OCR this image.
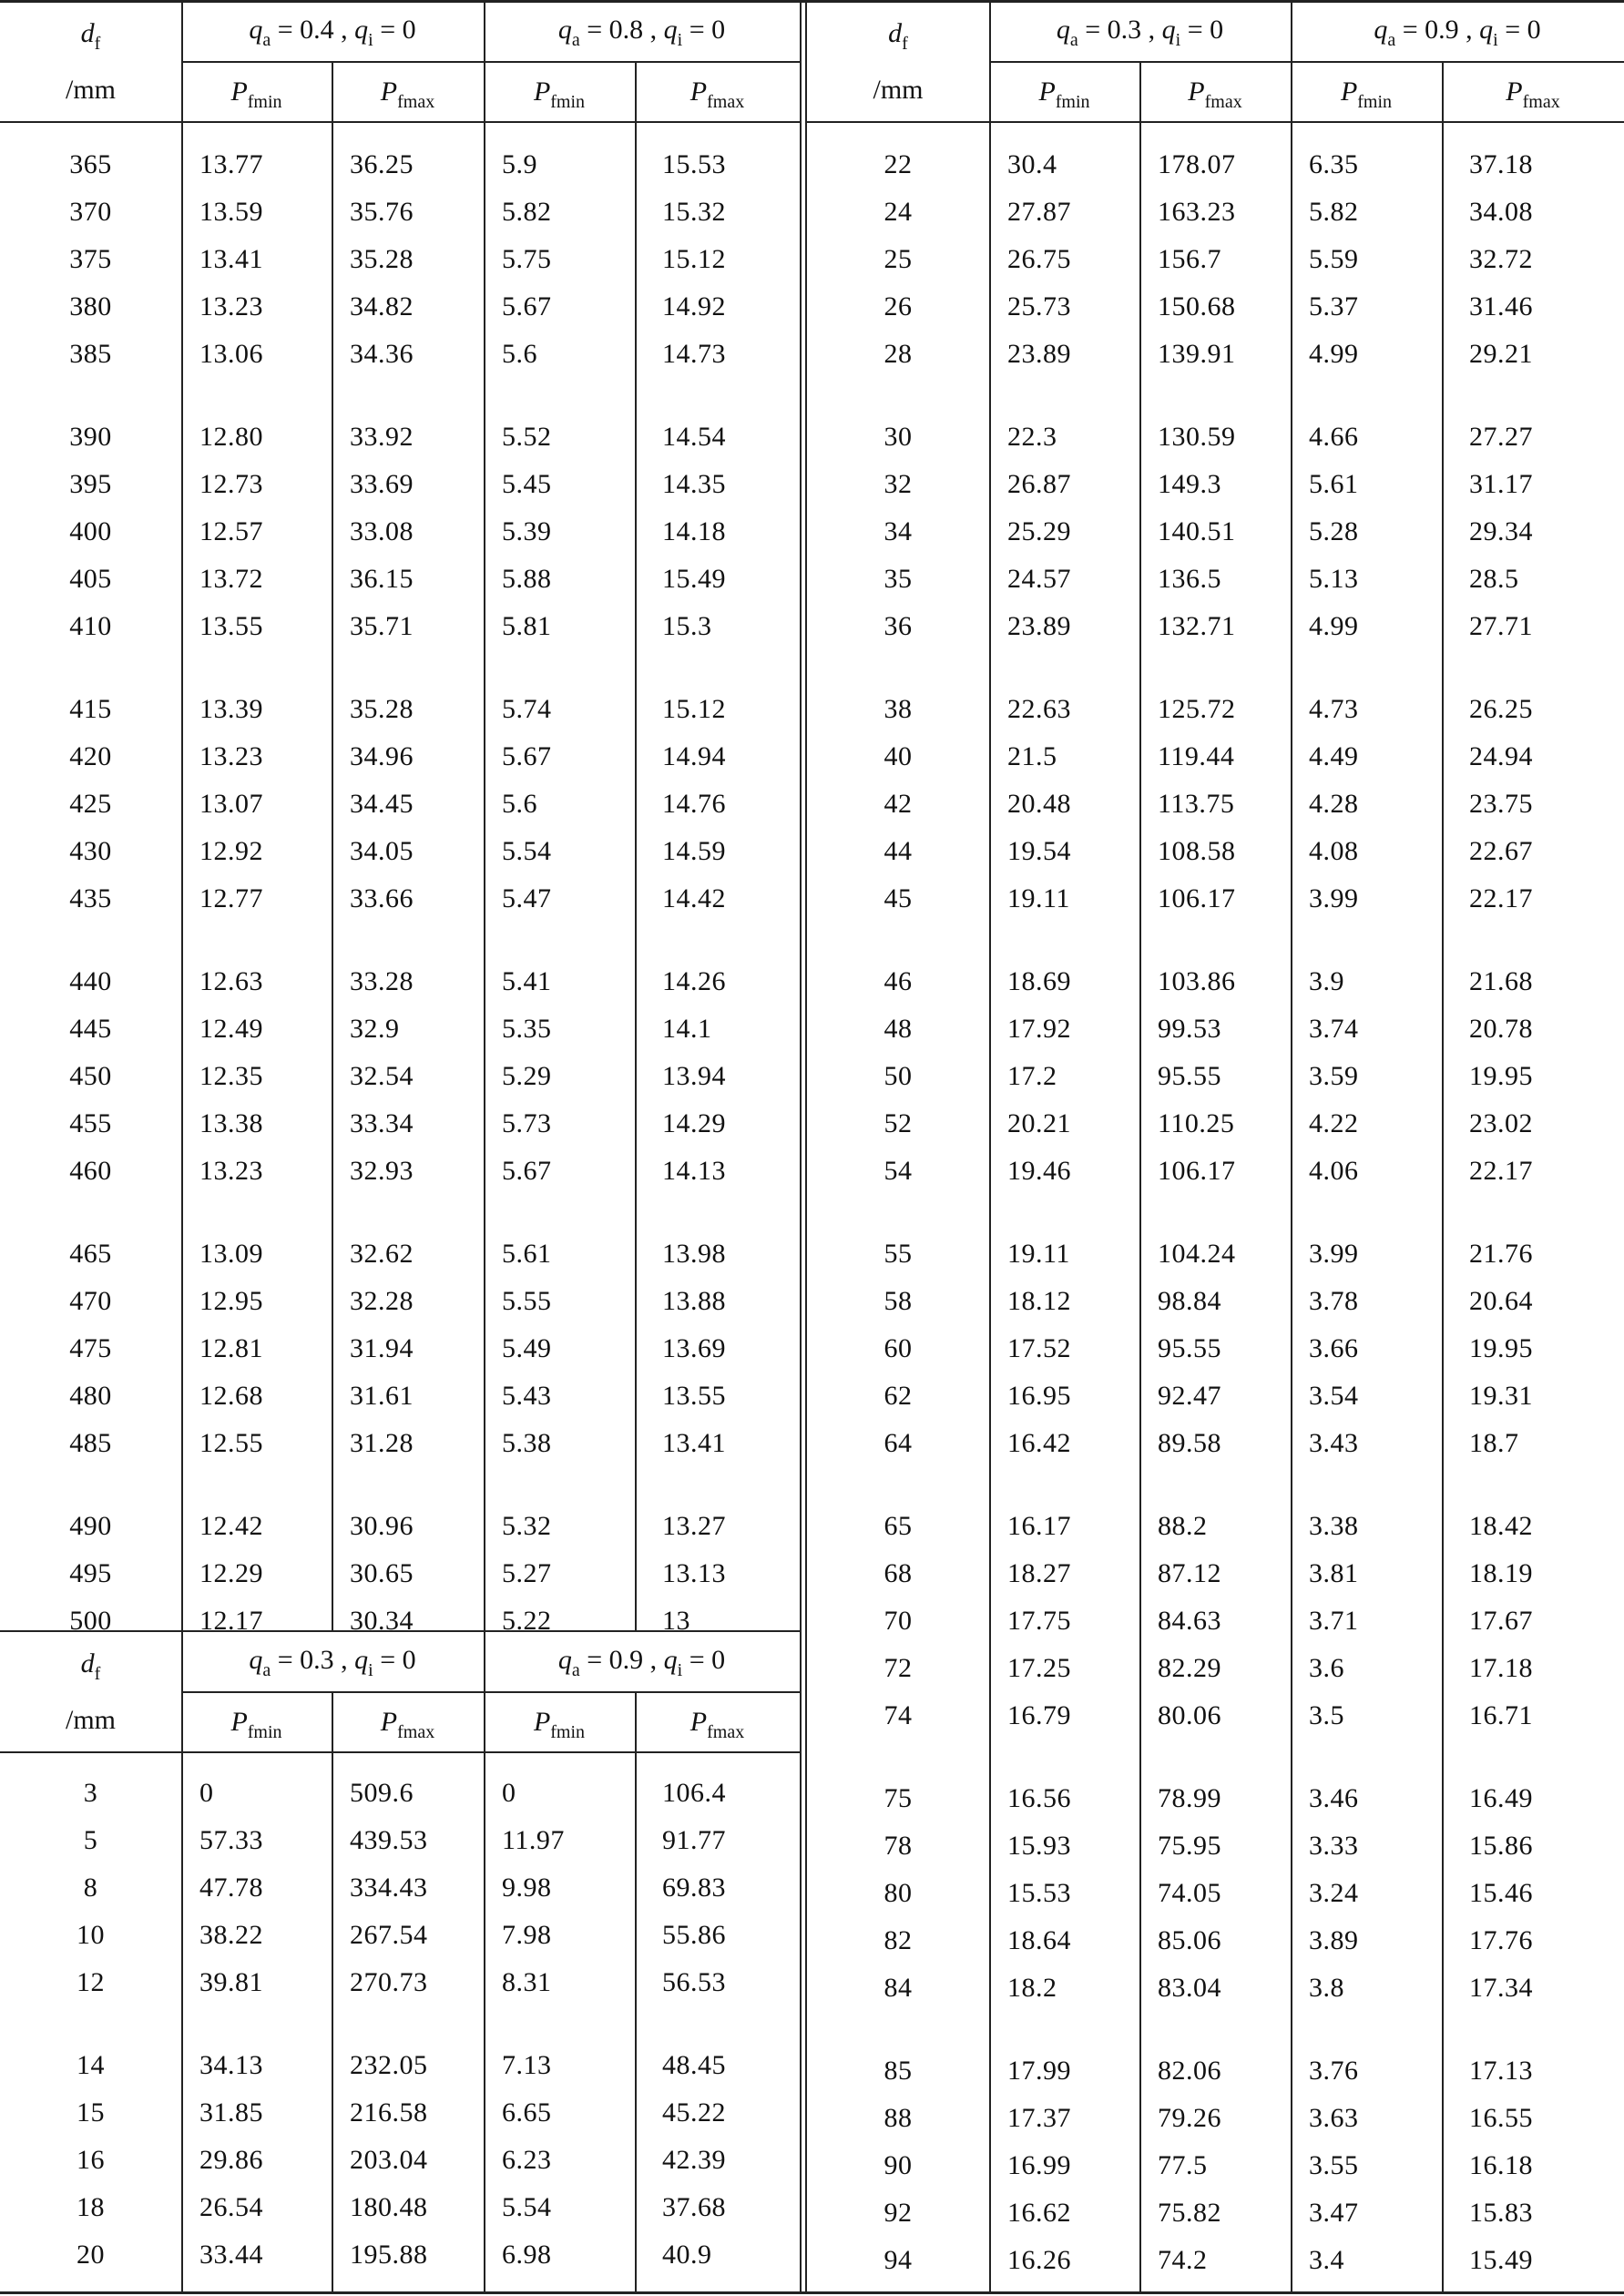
$d_f$
/mm
$q_a = 0.4$ , $q_i = 0$	$q_a = 0.8$ , $q_i = 0$
$P_{fmin}$	$P_{fmax}$	$P_{fmin}$	$P_{fmax}$
$d_f$
/mm
$q_a = 0.3$ , $q_i = 0$	$q_a = 0.9$ , $q_i = 0$
$P_{fmin}$	$P_{fmax}$	$P_{fmin}$	$P_{fmax}$
$d_f$
/mm
$q_a = 0.3$ , $q_i = 0$	$q_a = 0.9$ , $q_i = 0$
$P_{fmin}$	$P_{fmax}$	$P_{fmin}$	$P_{fmax}$
365	13.77	36.25	5.9	15.53
370	13.59	35.76	5.82	15.32
375	13.41	35.28	5.75	15.12
380	13.23	34.82	5.67	14.92
385	13.06	34.36	5.6	14.73
390	12.80	33.92	5.52	14.54
395	12.73	33.69	5.45	14.35
400	12.57	33.08	5.39	14.18
405	13.72	36.15	5.88	15.49
410	13.55	35.71	5.81	15.3
415	13.39	35.28	5.74	15.12
420	13.23	34.96	5.67	14.94
425	13.07	34.45	5.6	14.76
430	12.92	34.05	5.54	14.59
435	12.77	33.66	5.47	14.42
440	12.63	33.28	5.41	14.26
445	12.49	32.9	5.35	14.1
450	12.35	32.54	5.29	13.94
455	13.38	33.34	5.73	14.29
460	13.23	32.93	5.67	14.13
465	13.09	32.62	5.61	13.98
470	12.95	32.28	5.55	13.88
475	12.81	31.94	5.49	13.69
480	12.68	31.61	5.43	13.55
485	12.55	31.28	5.38	13.41
490	12.42	30.96	5.32	13.27
495	12.29	30.65	5.27	13.13
500	12.17	30.34	5.22	13
3	0	509.6	0	106.4
5	57.33	439.53	11.97	91.77
8	47.78	334.43	9.98	69.83
10	38.22	267.54	7.98	55.86
12	39.81	270.73	8.31	56.53
14	34.13	232.05	7.13	48.45
15	31.85	216.58	6.65	45.22
16	29.86	203.04	6.23	42.39
18	26.54	180.48	5.54	37.68
20	33.44	195.88	6.98	40.9
22	30.4	178.07	6.35	37.18
24	27.87	163.23	5.82	34.08
25	26.75	156.7	5.59	32.72
26	25.73	150.68	5.37	31.46
28	23.89	139.91	4.99	29.21
30	22.3	130.59	4.66	27.27
32	26.87	149.3	5.61	31.17
34	25.29	140.51	5.28	29.34
35	24.57	136.5	5.13	28.5
36	23.89	132.71	4.99	27.71
38	22.63	125.72	4.73	26.25
40	21.5	119.44	4.49	24.94
42	20.48	113.75	4.28	23.75
44	19.54	108.58	4.08	22.67
45	19.11	106.17	3.99	22.17
46	18.69	103.86	3.9	21.68
48	17.92	99.53	3.74	20.78
50	17.2	95.55	3.59	19.95
52	20.21	110.25	4.22	23.02
54	19.46	106.17	4.06	22.17
55	19.11	104.24	3.99	21.76
58	18.12	98.84	3.78	20.64
60	17.52	95.55	3.66	19.95
62	16.95	92.47	3.54	19.31
64	16.42	89.58	3.43	18.7
65	16.17	88.2	3.38	18.42
68	18.27	87.12	3.81	18.19
70	17.75	84.63	3.71	17.67
72	17.25	82.29	3.6	17.18
74	16.79	80.06	3.5	16.71
75	16.56	78.99	3.46	16.49
78	15.93	75.95	3.33	15.86
80	15.53	74.05	3.24	15.46
82	18.64	85.06	3.89	17.76
84	18.2	83.04	3.8	17.34
85	17.99	82.06	3.76	17.13
88	17.37	79.26	3.63	16.55
90	16.99	77.5	3.55	16.18
92	16.62	75.82	3.47	15.83
94	16.26	74.2	3.4	15.49
